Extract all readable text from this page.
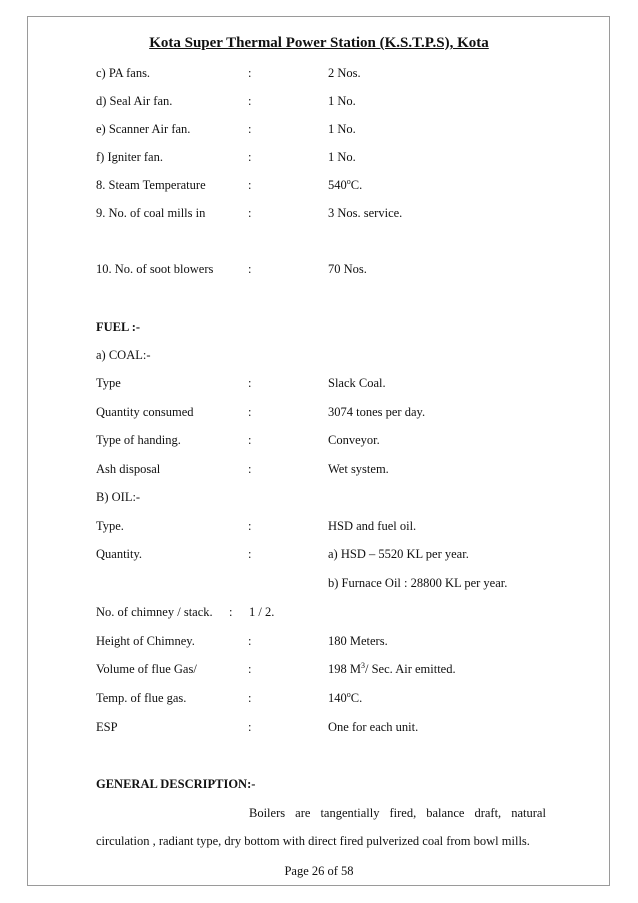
Kota Super Thermal Power Station (K.S.T.P.S), Kota
c) PA fans.	:	2 Nos.
d) Seal Air fan.	:	1 No.
e) Scanner Air fan.	:	1 No.
f) Igniter fan.	:	1 No.
8. Steam Temperature	:	540$^o$C.
9. No. of coal mills in	:	3 Nos. service.
10. No. of soot blowers	:	70 Nos.
FUEL :-
a) COAL:-
Type	:	Slack Coal.
Quantity consumed	:	3074 tones per day.
Type of handing.	:	Conveyor.
Ash disposal	:	Wet system.
B) OIL:-
Type.	:	HSD and fuel oil.
Quantity.	:	a) HSD – 5520 KL per year.
b) Furnace Oil : 28800 KL per year.
No. of chimney / stack. : 1 / 2.
Height of Chimney.	:	180 Meters.
Volume of flue Gas/	:	198 $M^3/$ Sec. Air emitted.
Temp. of flue gas.	:	140$^o$C.
ESP	:	One for each unit.
GENERAL DESCRIPTION:-
Boilers are tangentially fired, balance draft, natural
circulation , radiant type, dry bottom with direct fired pulverized coal from bowl mills.
Page 26 of 58
